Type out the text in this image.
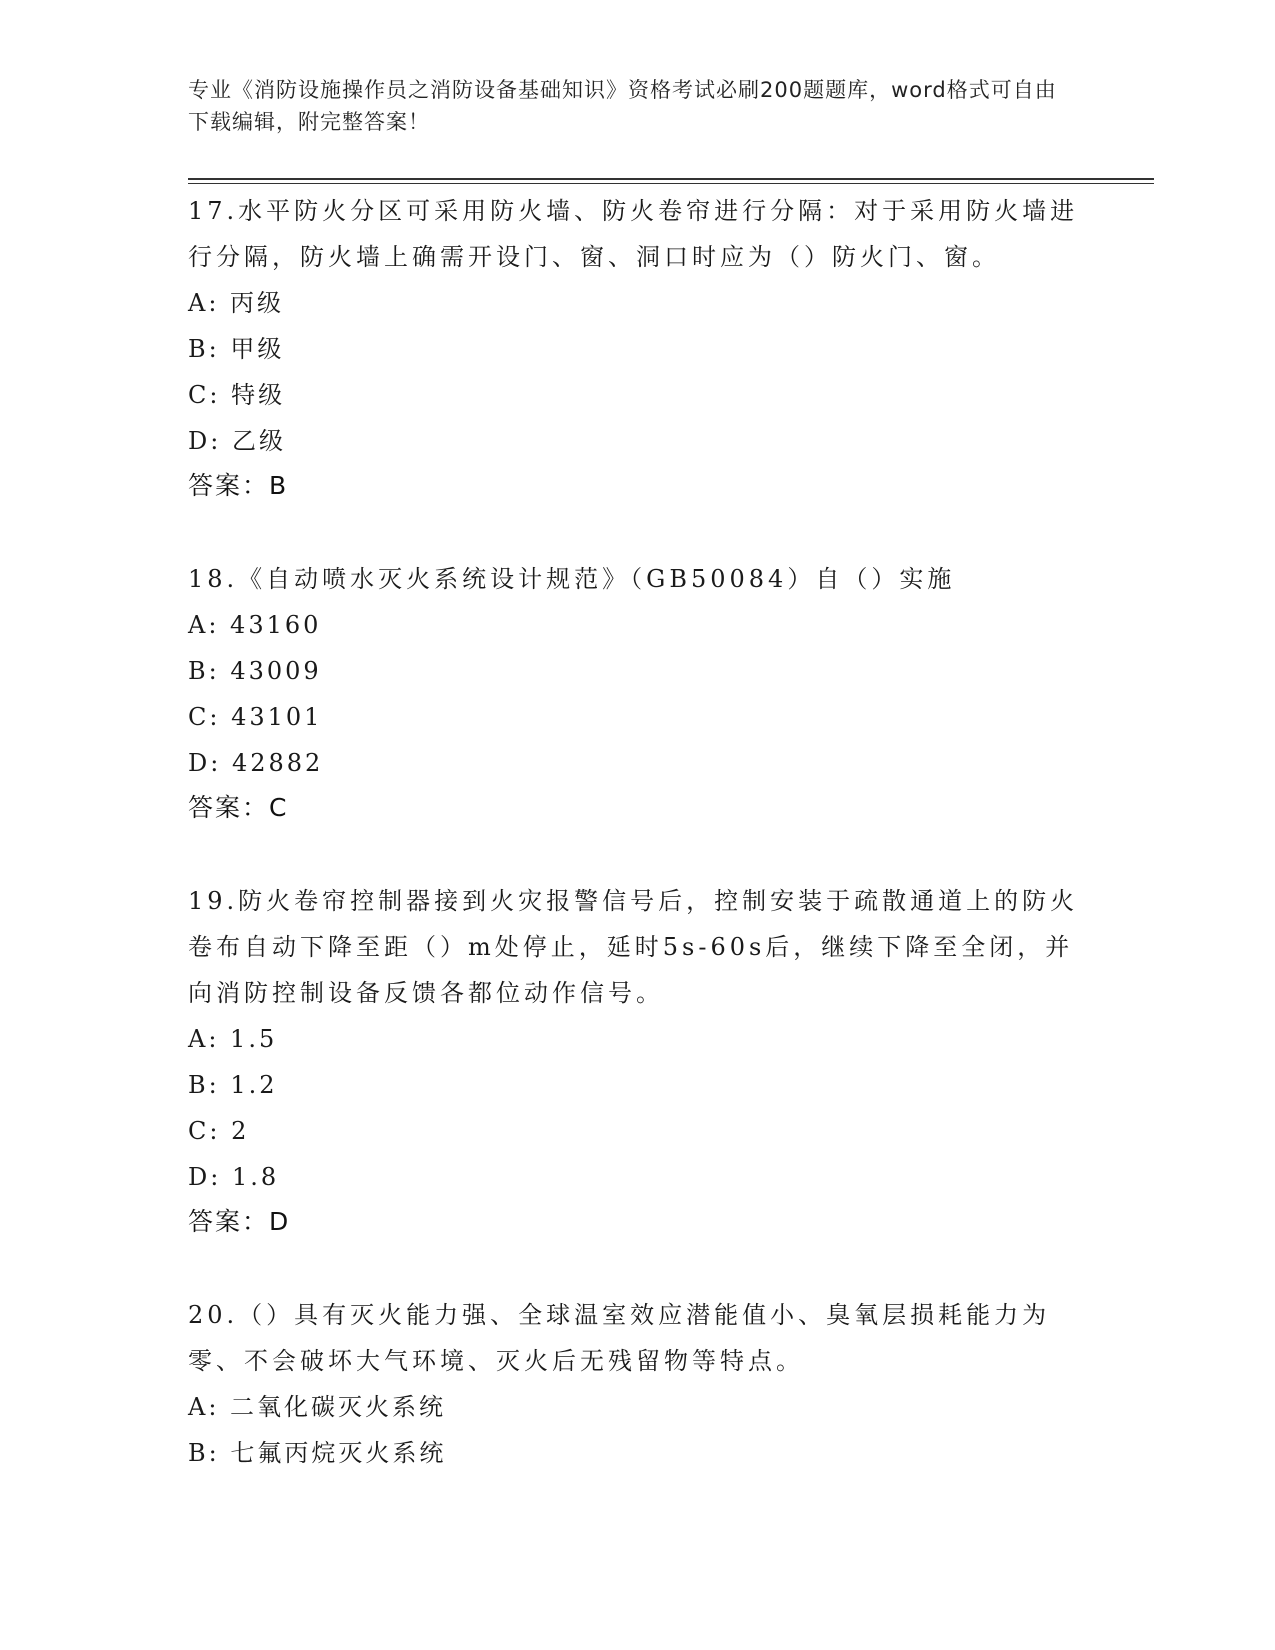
专业《消防设施操作员之消防设备基础知识》资格考试必刷200题题库，word格式可自由下载编辑，附完整答案！
17.水平防火分区可采用防火墙、防火卷帘进行分隔：对于采用防火墙进行分隔，防火墙上确需开设门、窗、洞口时应为（）防火门、窗。
A: 丙级
B: 甲级
C: 特级
D: 乙级
答案：B
18.《自动喷水灭火系统设计规范》（GB50084）自（）实施
A: 43160
B: 43009
C: 43101
D: 42882
答案：C
19.防火卷帘控制器接到火灾报警信号后，控制安装于疏散通道上的防火卷布自动下降至距（）m处停止，延时5s-60s后，继续下降至全闭，并向消防控制设备反馈各都位动作信号。
A: 1.5
B: 1.2
C: 2
D: 1.8
答案：D
20.（）具有灭火能力强、全球温室效应潜能值小、臭氧层损耗能力为零、不会破坏大气环境、灭火后无残留物等特点。
A: 二氧化碳灭火系统
B: 七氟丙烷灭火系统
